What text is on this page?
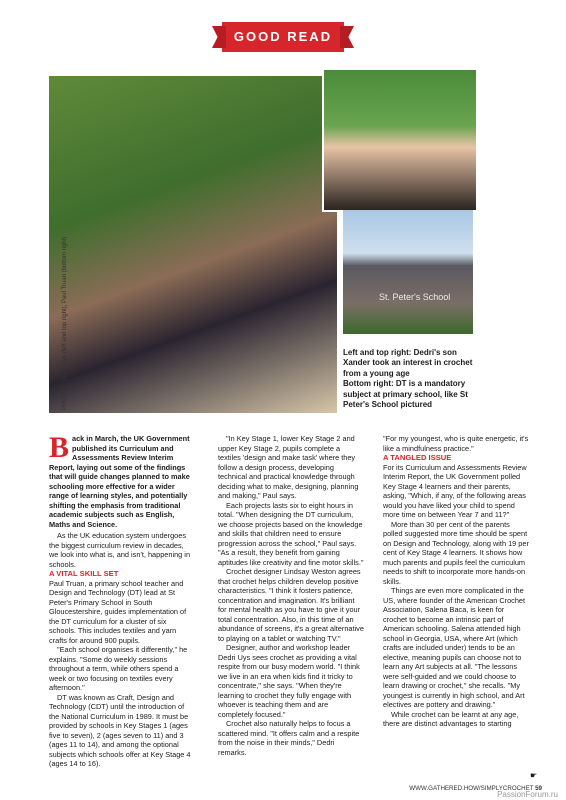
GOOD READ
St. Peter's School
PHOTOS: Dedri Uys (left and top right), Paul Truan (bottom right)	Left and top right: Dedri's son Xander took an interest in crochet from a young age

Bottom right: DT is a mandatory subject at primary school, like St Peter's School pictured

Back in March, the UK Government published its Curriculum and Assessments Review Interim Report, laying out some of the findings that will guide changes planned to make schooling more effective for a wider range of learning styles, and potentially shifting the emphasis from traditional academic subjects such as English, Maths and Science.

As the UK education system undergoes the biggest curriculum review in decades, we look into what is, and isn't, happening in schools.

A VITAL SKILL SET

Paul Truan, a primary school teacher and Design and Technology (DT) lead at St Peter's Primary School in South Gloucestershire, guides implementation of the DT curriculum for a cluster of six schools. This includes textiles and yarn crafts for around 900 pupils.

"Each school organises it differently," he explains. "Some do weekly sessions throughout a term, while others spend a week or two focusing on textiles every afternoon."

DT was known as Craft, Design and Technology (CDT) until the introduction of the National Curriculum in 1989. It must be provided by schools in Key Stages 1 (ages five to seven), 2 (ages seven to 11) and 3 (ages 11 to 14), and among the optional subjects which schools offer at Key Stage 4 (ages 14 to 16).

"In Key Stage 1, lower Key Stage 2 and upper Key Stage 2, pupils complete a textiles 'design and make task' where they follow a design process, developing technical and practical knowledge through deciding what to make, designing, planning and making," Paul says.

Each projects lasts six to eight hours in total. "When designing the DT curriculum, we choose projects based on the knowledge and skills that children need to ensure progression across the school," Paul says. "As a result, they benefit from gaining aptitudes like creativity and fine motor skills."

Crochet designer Lindsay Weston agrees that crochet helps children develop positive characteristics. "I think it fosters patience, concentration and imagination. It's brilliant for mental health as you have to give it your total concentration. Also, in this time of an abundance of screens, it's a great alternative to playing on a tablet or watching TV."

Designer, author and workshop leader Dedri Uys sees crochet as providing a vital respite from our busy modern world. "I think we live in an era when kids find it tricky to concentrate," she says. "When they're learning to crochet they fully engage with whoever is teaching them and are completely focused."

Crochet also naturally helps to focus a scattered mind. "It offers calm and a respite from the noise in their minds," Dedri remarks.

"For my youngest, who is quite energetic, it's like a mindfulness practice."

A TANGLED ISSUE

For its Curriculum and Assessments Review Interim Report, the UK Government polled Key Stage 4 learners and their parents, asking, "Which, if any, of the following areas would you have liked your child to spend more time on between Year 7 and 11?"

More than 30 per cent of the parents polled suggested more time should be spent on Design and Technology, along with 19 per cent of Key Stage 4 learners. It shows how much parents and pupils feel the curriculum needs to shift to incorporate more hands-on skills.

Things are even more complicated in the US, where founder of the American Crochet Association, Salena Baca, is keen for crochet to become an intrinsic part of American schooling. Salena attended high school in Georgia, USA, where Art (which crafts are included under) tends to be an elective, meaning pupils can choose not to learn any Art subjects at all. "The lessons were self-guided and we could choose to learn drawing or crochet," she recalls. "My youngest is currently in high school, and Art electives are pottery and drawing."

While crochet can be learnt at any age, there are distinct advantages to starting

☛
WWW.GATHERED.HOW/SIMPLYCROCHET 59
PassionForum.ru
